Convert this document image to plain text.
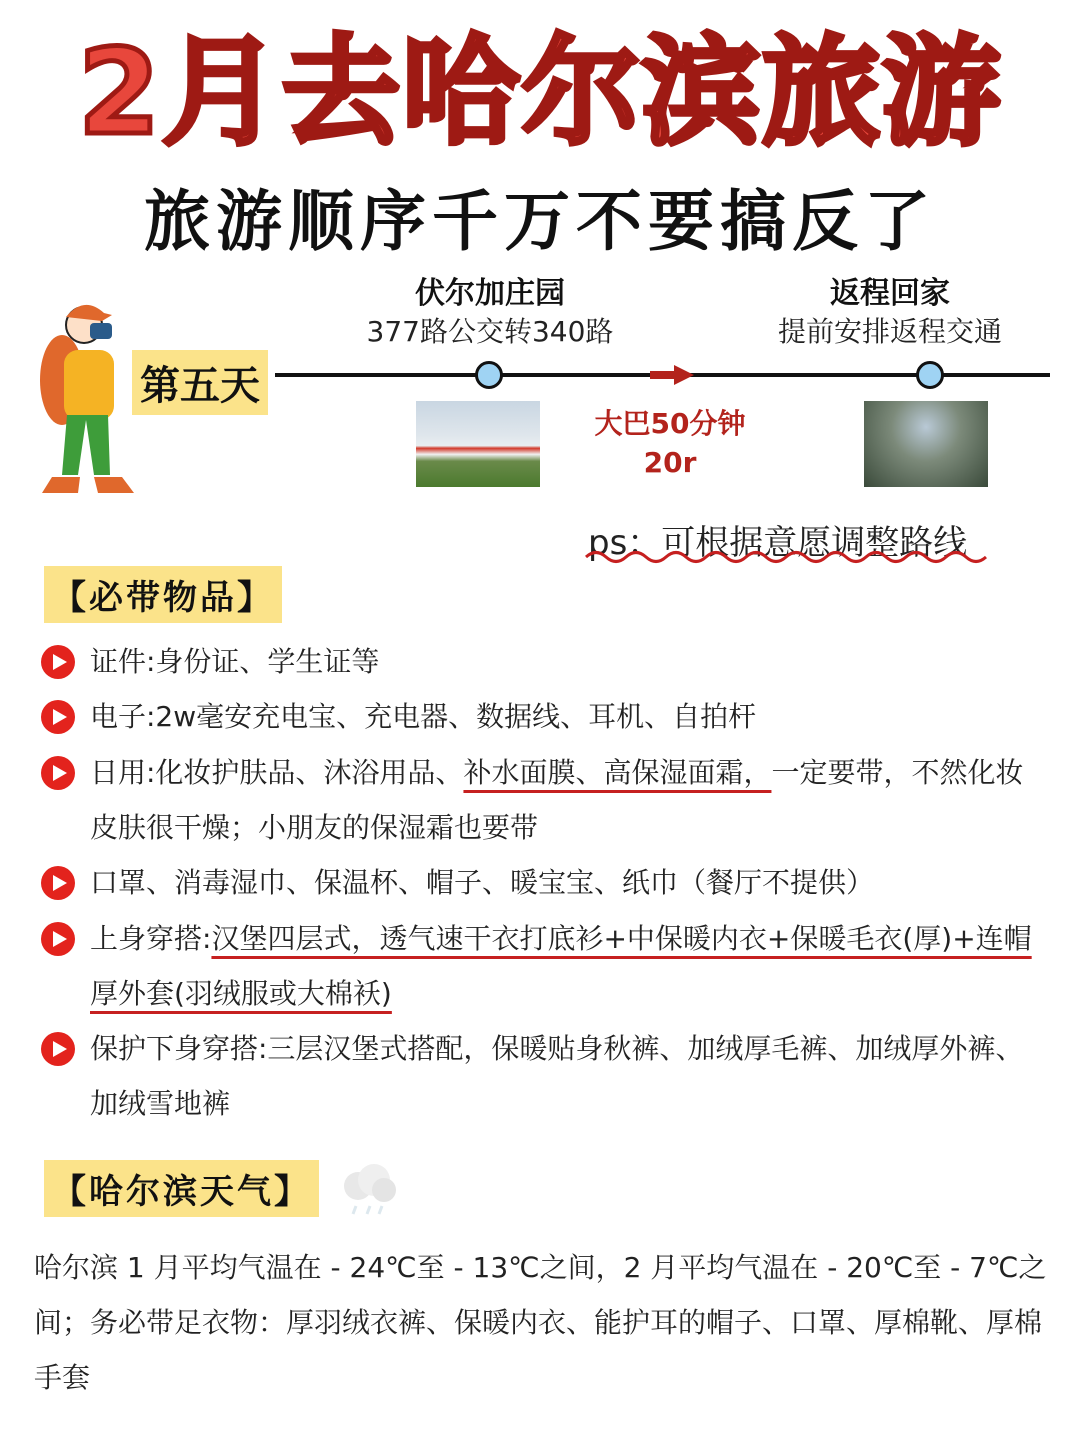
2月去哈尔滨旅游
旅游顺序千万不要搞反了
第五天
伏尔加庄园
377路公交转340路
返程回家
提前安排返程交通
大巴50分钟
20r
ps：可根据意愿调整路线
【必带物品】
证件:身份证、学生证等
电子:2w毫安充电宝、充电器、数据线、耳机、自拍杆
日用:化妆护肤品、沐浴用品、补水面膜、高保湿面霜，一定要带，不然化妆皮肤很干燥；小朋友的保湿霜也要带
口罩、消毒湿巾、保温杯、帽子、暖宝宝、纸巾（餐厅不提供）
上身穿搭:汉堡四层式，透气速干衣打底衫+中保暖内衣+保暖毛衣(厚)+连帽厚外套(羽绒服或大棉袄)
保护下身穿搭:三层汉堡式搭配，保暖贴身秋裤、加绒厚毛裤、加绒厚外裤、加绒雪地裤
【哈尔滨天气】
哈尔滨 1 月平均气温在 - 24℃至 - 13℃之间，2 月平均气温在 - 20℃至 - 7℃之间；务必带足衣物：厚羽绒衣裤、保暖内衣、能护耳的帽子、口罩、厚棉靴、厚棉手套
